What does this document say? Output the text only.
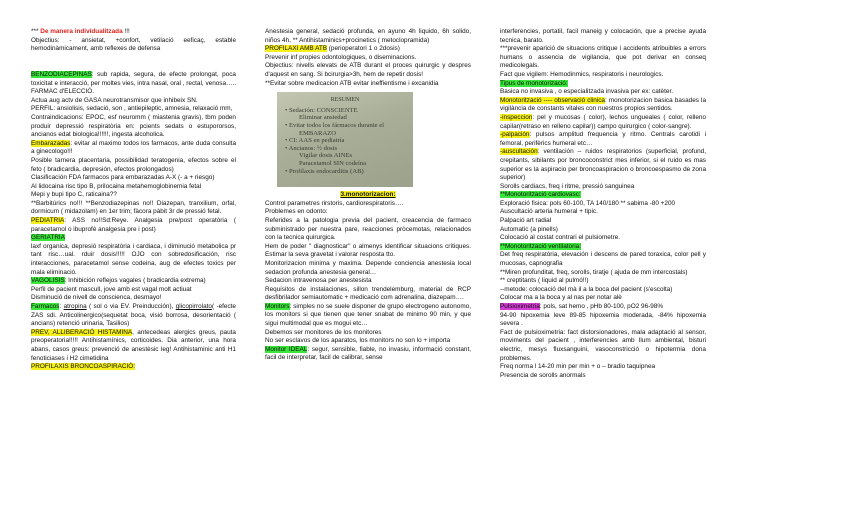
*** De manera individualitzada !!!

Objectius: - ansietat, +confort, vetilació eeficaç, estable hemodinàmicament, amb reflexes de defensa

BENZODIACEPINAS: sub rapida, segura, de efecte prolongat, poca toxicitat e interacció, per moltes vies, intra nasal, oral , rectal, venosa….. FARMAC d'ELECCIÓ.

Actua aug actv de GASA neurotransmisor que inhibeix SN.

PERFIL: ansiolisis, sedació, son , antiepileptic, amnesia, relaxació mm,

Contraindicacions: EPOC, esf neuromm ( miastenia gravis), tbm poden produir depressió respiratòria en: pcients sedats o estupororsos, ancianos edat biologica!!!!!!, ingesta alcoholica.

Embarazadas: evitar al maximo todos los farmacos, ante duda consulta a ginecologo!!!

Posible tarnera placentaria, possibilidad teratogenia, efectos sobre el feto ( bradicardia, depresión, efectos prolongados)

Clasificación FDA farmacos para embarazadas A-X (- a + riesgo)

Al lidocaina risc tipo B, prilocaina metahemoglobinemia fetal

Mepi y bupi tipo C, raticaina??

**Barbitúrics no!!! **Benzodiazepinas no!! Diazepan, tranxilium, orfal, dormicum ( midazolam) en 1er trim; fàcora pàbit 3r de pressió fetal.

PEDIATRIA: ASS no!!Sd:Reye. Analgesia pre/post operatòria ( paracetamol o ibuprofè analgesia pre i post)

GERIATRIA

laxf organica, depresió respiratòria i cardiaca, i diminució metabolica pr tant risc…ual. rduir dosis!!!!! OJO con sobredosificación, risc interacciones, paracetamol sense codeina, aug de efectes toxics per mala eliminació.

VAGOLISIS: Inhibición reflejos vagales ( bradicardia extrema)

Perfil de pacient mascull, jove amb est vagal molt actiuat

Disminució de nivell de conscienca, desmayo!

Farmacos: atropina ( sol o via EV. Preinducción), glicopirrolato( -efecte ZAS sdi. Anticolinergico(sequetat boca, visió borrosa, desorientació ( ancians) retenció urinaria, Tasilios)

PREV, ALLIBERACIÓ HISTAMINA, antecedeas alergics greus, pauta preoperatoria!!!!! Antihistamínics, corticoides. Dia anterior, una hora abans, casos greus: prevenció de anestèsic leg! Antihistaminic anti H1 fenoticiases i H2 cimetidina

PROFILAXIS BRONCOASPIRACIÓ:

Anestesia general, sedació profunda, en ayuno 4h liquido, 6h solido, niños 4h, ** Antihistaminics+procinetics ( metoclopramida)

PROFILAXI AMB ATB (perioperatori 1 o 2dosis)

Prevenir inf propies odontologiques, o diseminacions.

Objectius: nivells elevats de ATB durant el proces quirurgic y despres d'aquest en sang. Si bcirurgia>3h, hem de repetir dosis!

**Evitar sobre medicacion ATB evitar ineffientisme i excanidia

RESUMEN
• Sedación: CONSCIENTE
Eliminar ansiedad
• Evitar todos los fármacos durante el
EMBARAZO
• CI: AAS en pediatría
• Ancianos: ½ dosis
Vigilar dosis AINEs
Paracetamol SIN codeína
• Profilaxis endocarditis (AB)

3.monotorizacion:

Control parametres rirstoris, cardiorespiratoris….

Problemes en odonto:

Referides a la patologia previa del pacient, creacencia de farmaco subministrado per nuestra pare, reacciones pròcemotas, relacionados con la tecnica quirurgica.

Hem de poder '' diagnosticar'' o almenys identificar situacions crítiques. Estimar la seva gravetat i valorar resposta tto.

Monitorizacion minima y maxima. Depende conciencia anestesia local sedacion profunda anestesia general…

Sedacion intravenosa per anestesista

Requisitos de instalaciones, sillon trendelemburg, material de RCP desfibrilador semiautomatic + medicació com adrenalina, diazepam….

Monitors: simples no se suele disponer de grupo electrogeno autonomo, los monitors si que tienen que tener snabat de minimo 90 min, y que sigui multimodal que es mogui etc…

Debemos ser monitores de los monitores

No ser esclavos de los aparatos, los monitors no son lo + importa

Monitor IDEAL: segur, sensible, fiable, no invasiu, informació constant, facil de interpretar, facil de calibrar, sense

interferencies, portatil, facil maneig y colocación, que a precise ayuda tecnica, barato.

***prevenir aparició de situacions critique i accidents atribuibles a errors humans o assencia de vigilancia, que pot derivar en conseq medicolegals.

Fact que vigilem: Hemodinmics, respiratoris i neurologics.

Tipus de monotorizació:

Basica no invasiva , o especialitzada invasiva per ex: catèter.

Monotorització ---- observació clinica: monotorizacion basica basades la vigilància de constants vitales con nuestros propios sentidos.

-inspeccion: pel y mucosas ( color), lechos ungueales ( color, relleno capilar(retraso en relleno capilar)) campo quirurgico ( color-sangre).

-palpación: pulsos amplitud frequencia y ritmo. Centrals carotidi i femoral, perifèrics humeral etc…

-auscultación: ventilación – ruidos respiratorios (superficial, profund, crepitants, sibilants por broncoconstrict mes inferior, si el ruido es mas superior es la aspiracio per broncoaspiracion o broncoespasmo de zona superior)

Sorolls cardiacs, freq i ritme, pressió sanguinea

**Monotorització cardiovasc:

Exploració fisica: pols 60-100, TA 140/180 ** sabima -80 +200

Auscultació arteria humeral + tipic.

Palpació art radial

Automatic (a pinells)

Colocació al costat contrari el pulsiometre.

**Monotorització ventilatoria:

Det freq respiratòria, elevación i descens de pared toraxica, color pell y mucosas, capnografia

**Miren profunditat, freq, sorolls, tiratje ( ajuda de mm intercostals)

** creptitants ( liquid al pulmó!!)

--metode: colocació del mà il a la boca del pacient (s'escolta)

Colocar ma a la boca y al nas per notar alè

Pulsioximetria: pols, sat hemo , pHb 80-100, pO2 96-98%

94-90 hipoxemia leve 89-85 hipoxemia moderada, -84% hipoxemia severa .

Fact de pulsioximetria: fact distorsionadores, mala adaptació al sensor, moviments del pacient , interferencies amb llum ambiental, bisturi electric, mesys fluxsanguini, vasoconstricció o hipotermia dona problemes.

Freq norma l 14-20 min per min + o – bradio taquipnea

Presencia de sorolls anormals
